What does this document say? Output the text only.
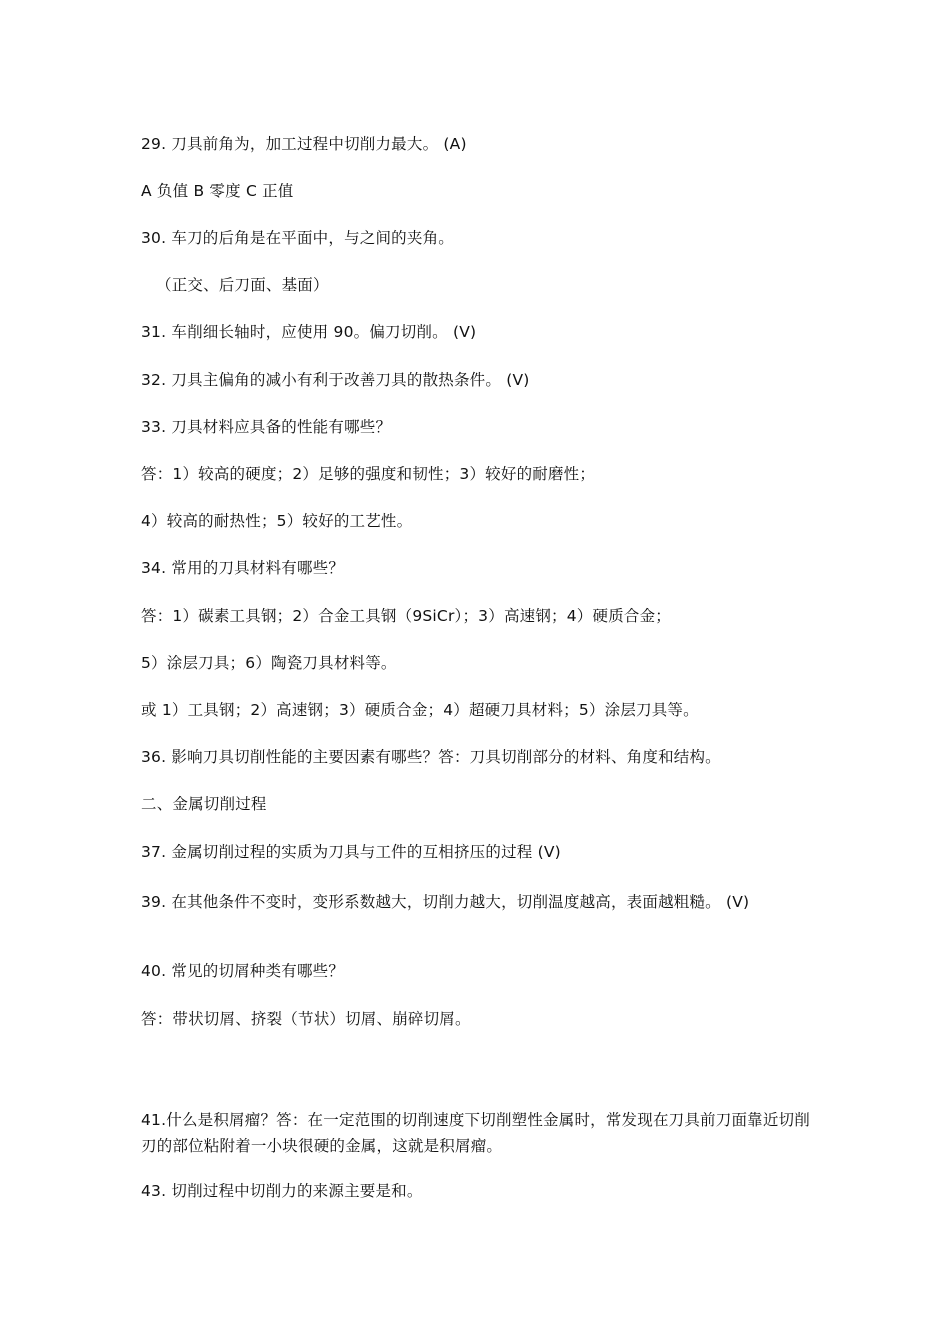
29. 刀具前角为，加工过程中切削力最大。 (A)
A 负值 B 零度 C 正值
30. 车刀的后角是在平面中，与之间的夹角。
（正交、后刀面、基面）
31. 车削细长轴时，应使用 90。偏刀切削。 (V)
32. 刀具主偏角的减小有利于改善刀具的散热条件。 (V)
33. 刀具材料应具备的性能有哪些？
答：1）较高的硬度；2）足够的强度和韧性；3）较好的耐磨性；
4）较高的耐热性；5）较好的工艺性。
34. 常用的刀具材料有哪些？
答：1）碳素工具钢；2）合金工具钢（9SiCr）；3）高速钢；4）硬质合金；
5）涂层刀具；6）陶瓷刀具材料等。
或 1）工具钢；2）高速钢；3）硬质合金；4）超硬刀具材料；5）涂层刀具等。
36. 影响刀具切削性能的主要因素有哪些？答：刀具切削部分的材料、角度和结构。
二、金属切削过程
37. 金属切削过程的实质为刀具与工件的互相挤压的过程 (V)
39. 在其他条件不变时，变形系数越大，切削力越大，切削温度越高，表面越粗糙。 (V)
40. 常见的切屑种类有哪些？
答：带状切屑、挤裂（节状）切屑、崩碎切屑。
41.什么是积屑瘤？答：在一定范围的切削速度下切削塑性金属时，常发现在刀具前刀面靠近切削刃的部位粘附着一小块很硬的金属，这就是积屑瘤。
43. 切削过程中切削力的来源主要是和。
